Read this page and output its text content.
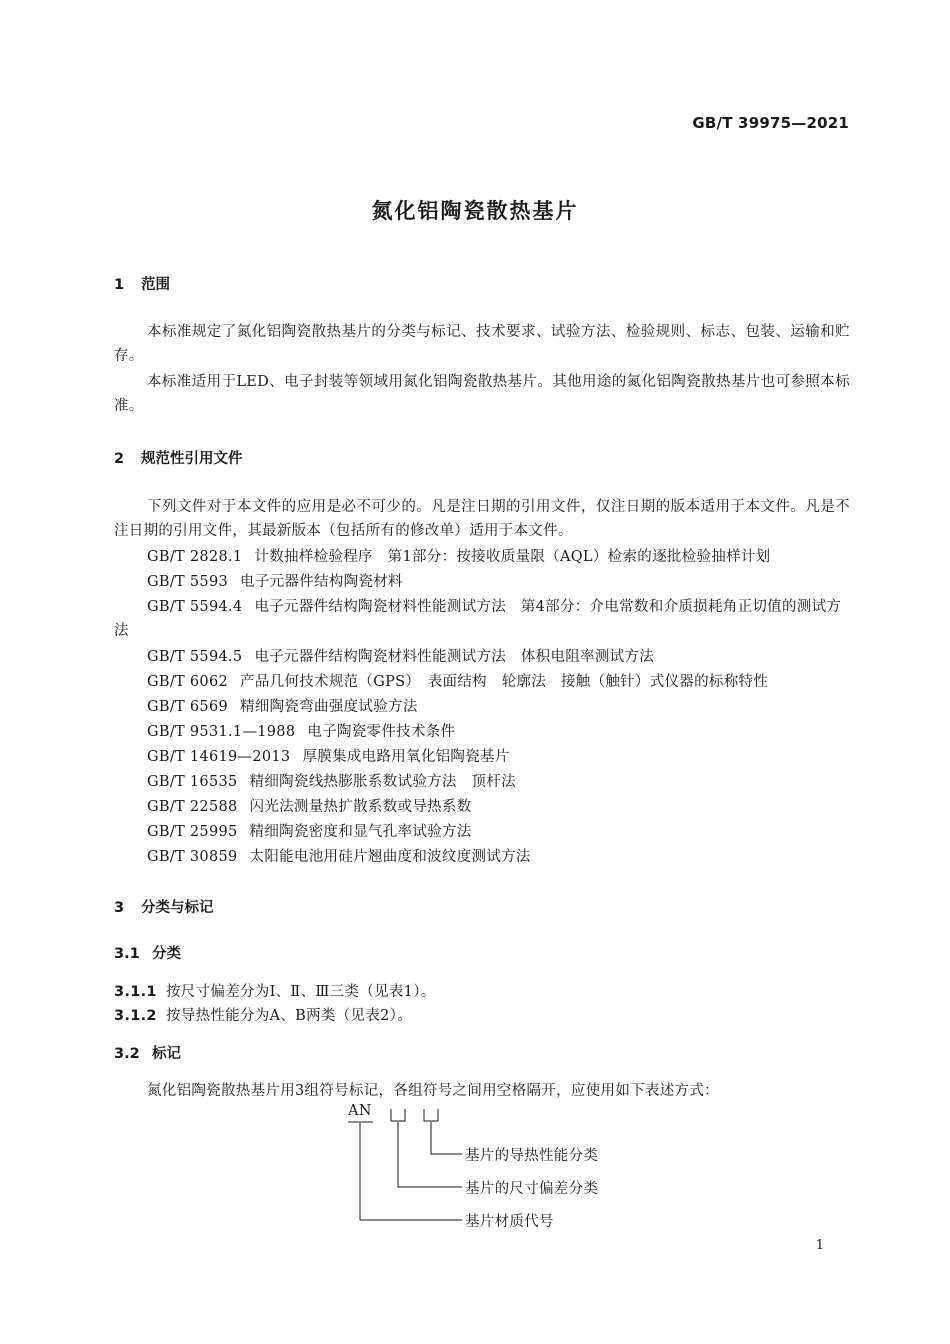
GB/T 39975—2021
氮化铝陶瓷散热基片
1 范围
本标准规定了氮化铝陶瓷散热基片的分类与标记、技术要求、试验方法、检验规则、标志、包装、运输和贮存。
本标准适用于LED、电子封装等领域用氮化铝陶瓷散热基片。其他用途的氮化铝陶瓷散热基片也可参照本标准。
2 规范性引用文件
下列文件对于本文件的应用是必不可少的。凡是注日期的引用文件，仅注日期的版本适用于本文件。凡是不注日期的引用文件，其最新版本（包括所有的修改单）适用于本文件。
GB/T 2828.1 计数抽样检验程序　第1部分：按接收质量限（AQL）检索的逐批检验抽样计划
GB/T 5593 电子元器件结构陶瓷材料
GB/T 5594.4 电子元器件结构陶瓷材料性能测试方法　第4部分：介电常数和介质损耗角正切值的测试方法
GB/T 5594.5 电子元器件结构陶瓷材料性能测试方法　体积电阻率测试方法
GB/T 6062 产品几何技术规范（GPS）　表面结构　轮廓法　接触（触针）式仪器的标称特性
GB/T 6569 精细陶瓷弯曲强度试验方法
GB/T 9531.1—1988 电子陶瓷零件技术条件
GB/T 14619—2013 厚膜集成电路用氧化铝陶瓷基片
GB/T 16535 精细陶瓷线热膨胀系数试验方法　顶杆法
GB/T 22588 闪光法测量热扩散系数或导热系数
GB/T 25995 精细陶瓷密度和显气孔率试验方法
GB/T 30859 太阳能电池用硅片翘曲度和波纹度测试方法
3 分类与标记
3.1 分类
3.1.1 按尺寸偏差分为Ⅰ、Ⅱ、Ⅲ三类（见表1）。
3.1.2 按导热性能分为A、B两类（见表2）。
3.2 标记
氮化铝陶瓷散热基片用3组符号标记，各组符号之间用空格隔开，应使用如下表述方式：
AN
基片的导热性能分类
基片的尺寸偏差分类
基片材质代号
1
